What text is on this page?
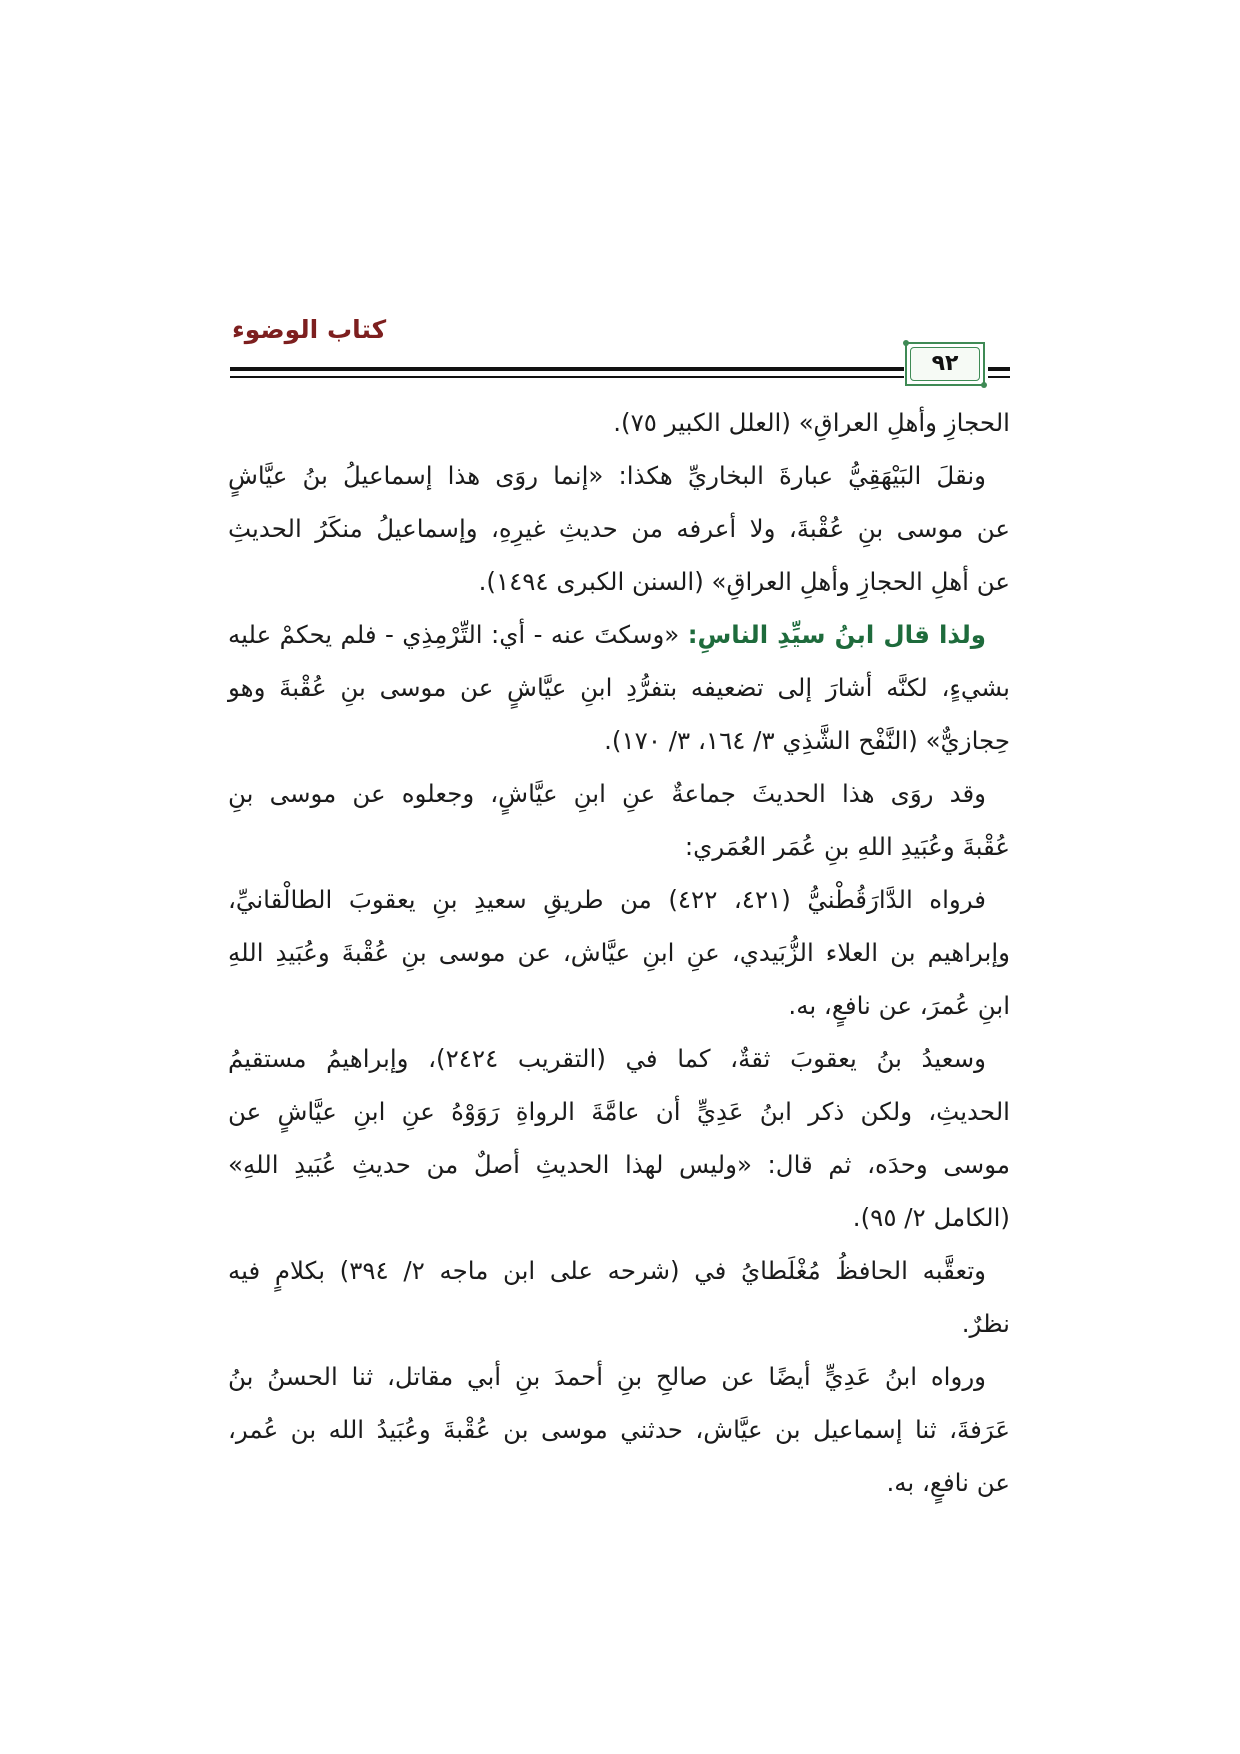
كتاب الوضوء
٩٢
الحجازِ وأهلِ العراقِ» (العلل الكبير ٧٥).
ونقلَ البَيْهَقِيُّ عبارةَ البخاريِّ هكذا: «إنما روَى هذا إسماعيلُ بنُ عيَّاشٍ
عن موسى بنِ عُقْبةَ، ولا أعرفه من حديثِ غيرِهِ، وإسماعيلُ منكَرُ الحديثِ
عن أهلِ الحجازِ وأهلِ العراقِ» (السنن الكبرى ١٤٩٤).
ولذا قال ابنُ سيِّدِ الناسِ: «وسكتَ عنه - أي: التِّرْمِذِي - فلم يحكمْ عليه
بشيءٍ، لكنَّه أشارَ إلى تضعيفه بتفرُّدِ ابنِ عيَّاشٍ عن موسى بنِ عُقْبةَ وهو
حِجازيٌّ» (النَّفْح الشَّذِي ٣/ ١٦٤، ٣/ ١٧٠).
وقد روَى هذا الحديثَ جماعةٌ عنِ ابنِ عيَّاشٍ، وجعلوه عن موسى بنِ
عُقْبةَ وعُبَيدِ اللهِ بنِ عُمَر العُمَري:
فرواه الدَّارَقُطْنيُّ (٤٢١، ٤٢٢) من طريقِ سعيدِ بنِ يعقوبَ الطالْقانيِّ،
وإبراهيم بن العلاء الزُّبَيدي، عنِ ابنِ عيَّاش، عن موسى بنِ عُقْبةَ وعُبَيدِ اللهِ
ابنِ عُمرَ، عن نافعٍ، به.
وسعيدُ بنُ يعقوبَ ثقةٌ، كما في (التقريب ٢٤٢٤)، وإبراهيمُ مستقيمُ
الحديثِ، ولكن ذكر ابنُ عَدِيٍّ أن عامَّةَ الرواةِ رَوَوْهُ عنِ ابنِ عيَّاشٍ عن
موسى وحدَه، ثم قال: «وليس لهذا الحديثِ أصلٌ من حديثِ عُبَيدِ اللهِ»
(الكامل ٢/ ٩٥).
وتعقَّبه الحافظُ مُغْلَطايُ في (شرحه على ابن ماجه ٢/ ٣٩٤) بكلامٍ فيه
نظرٌ.
ورواه ابنُ عَدِيٍّ أيضًا عن صالحِ بنِ أحمدَ بنِ أبي مقاتل، ثنا الحسنُ بنُ
عَرَفةَ، ثنا إسماعيل بن عيَّاش، حدثني موسى بن عُقْبةَ وعُبَيدُ الله بن عُمر،
عن نافعٍ، به.
